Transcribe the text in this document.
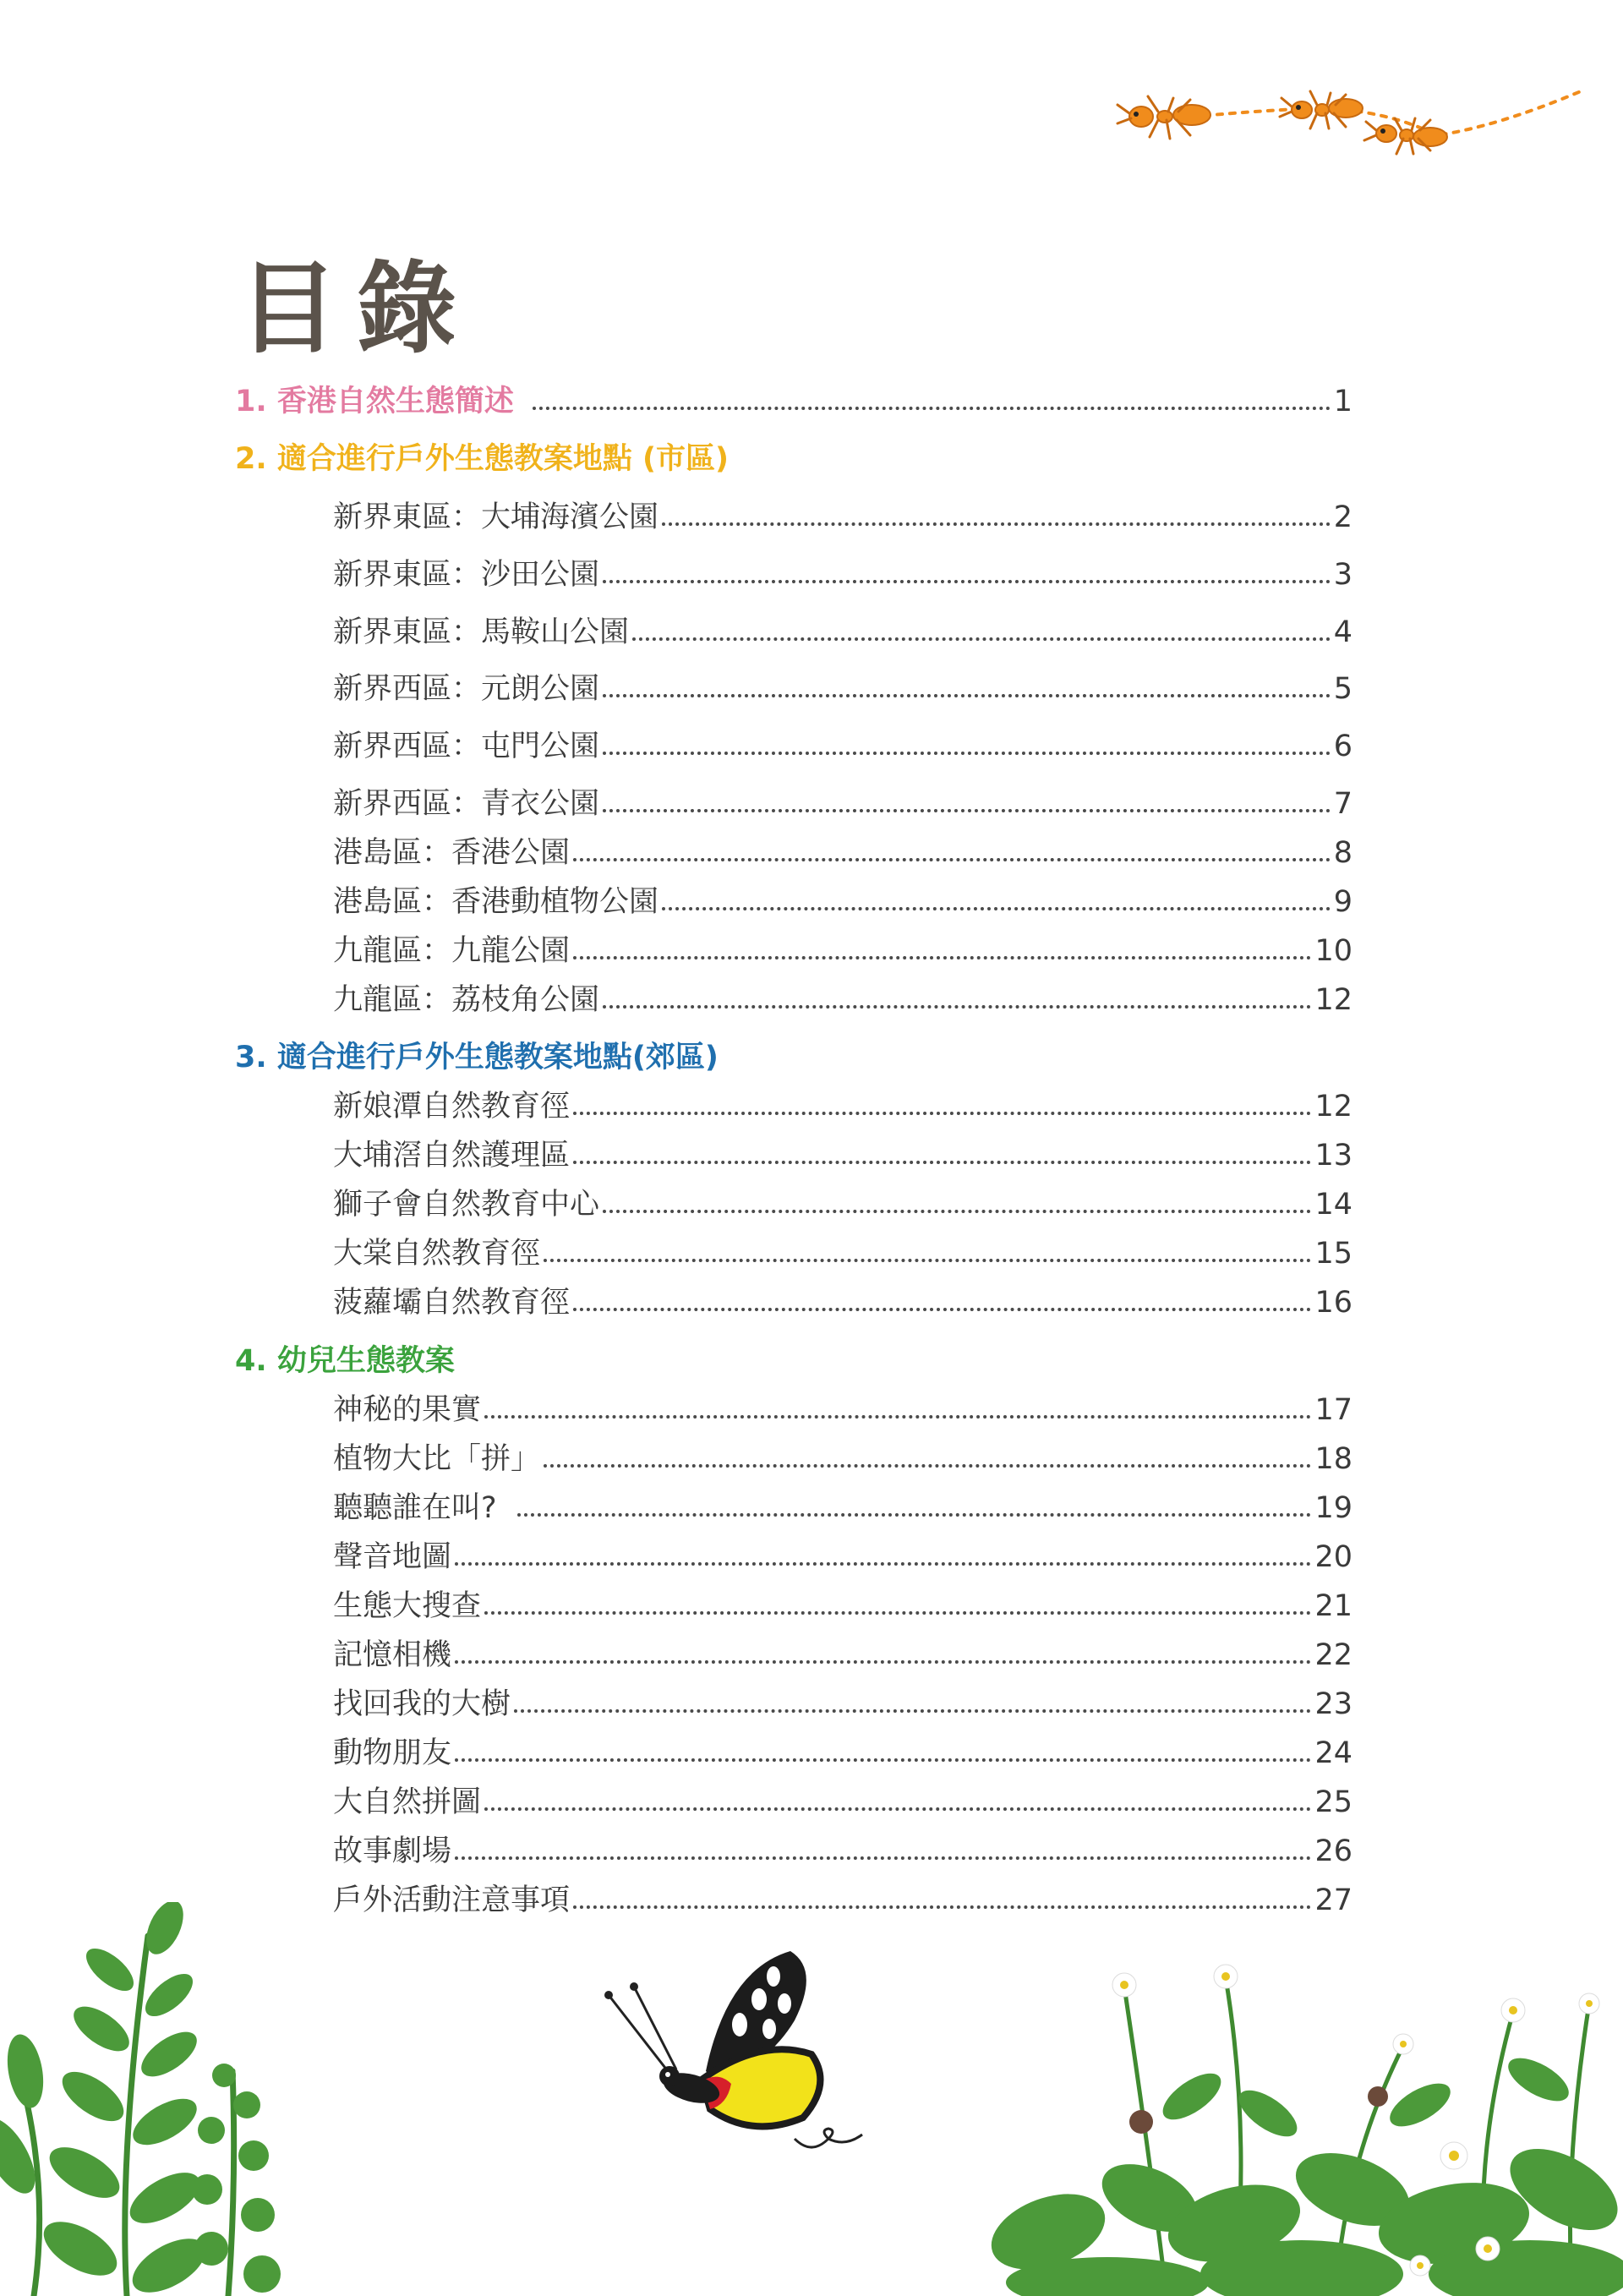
目錄
1. 香港自然生態簡述	1
2. 適合進行戶外生態教案地點 (市區)
新界東區：大埔海濱公園	2
新界東區：沙田公園	3
新界東區：馬鞍山公園	4
新界西區：元朗公園	5
新界西區：屯門公園	6
新界西區：青衣公園	7
港島區：香港公園	8
港島區：香港動植物公園	9
九龍區：九龍公園	10
九龍區：荔枝角公園	12
3. 適合進行戶外生態教案地點(郊區)
新娘潭自然教育徑	12
大埔滘自然護理區	13
獅子會自然教育中心	14
大棠自然教育徑	15
菠蘿壩自然教育徑	16
4. 幼兒生態教案
神秘的果實	17
植物大比「拼」	18
聽聽誰在叫?	19
聲音地圖	20
生態大搜查	21
記憶相機	22
找回我的大樹	23
動物朋友	24
大自然拼圖	25
故事劇場	26
戶外活動注意事項	27
